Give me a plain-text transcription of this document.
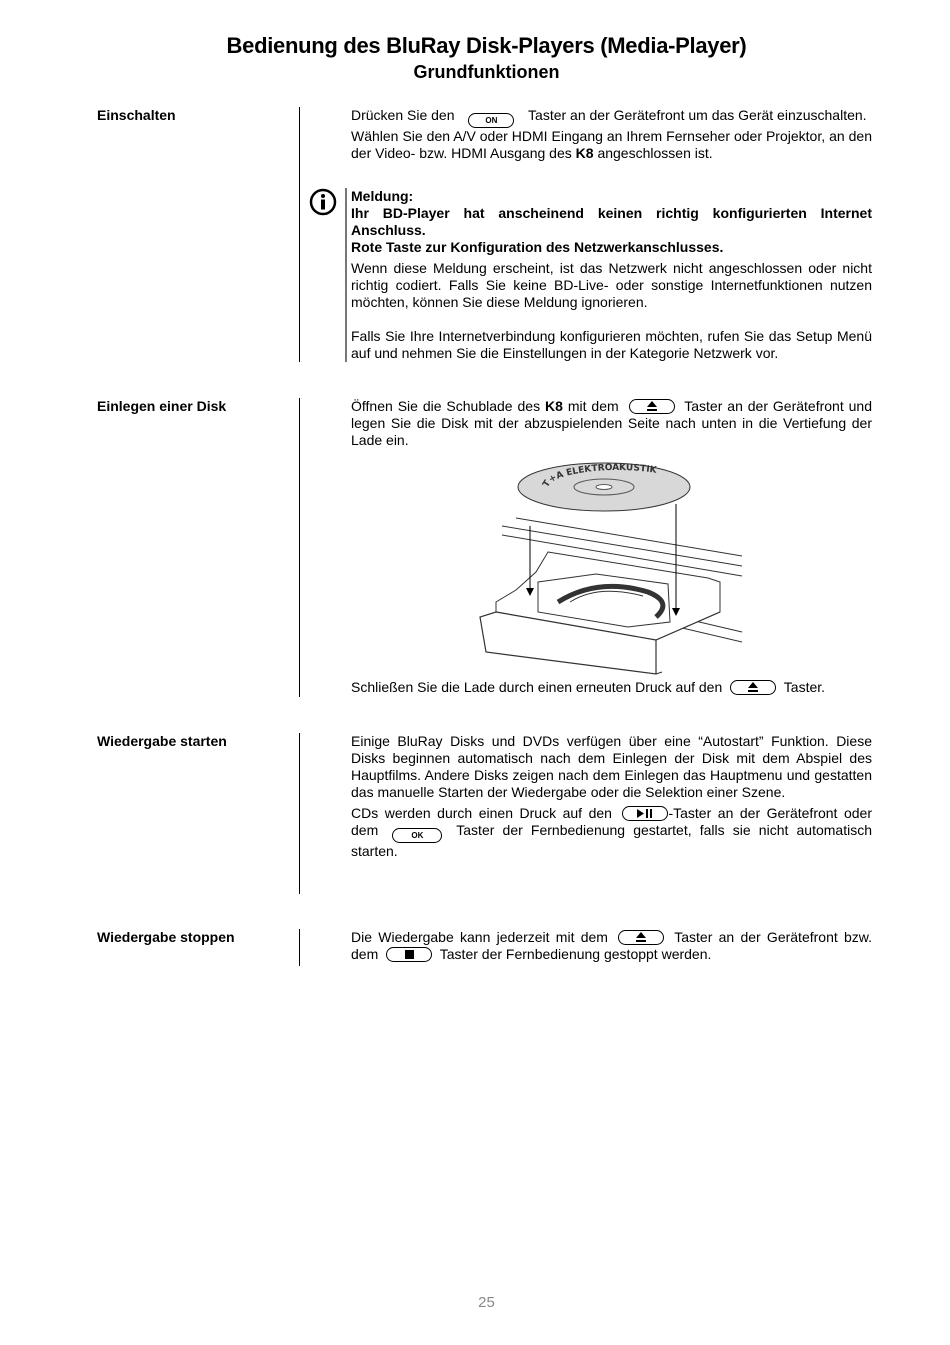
Bedienung des BluRay Disk-Players (Media-Player)
Grundfunktionen
Einschalten	Drücken Sie den	ON Taster an der Gerätefront um das Gerät einzuschalten.

Wählen Sie den A/V oder HDMI Eingang an Ihrem Fernseher oder Projektor, an den der Video- bzw. HDMI Ausgang des K8 angeschlossen ist.

Meldung:

Ihr BD-Player hat anscheinend keinen richtig konfigurierten Internet Anschluss.

Rote Taste zur Konfiguration des Netzwerkanschlusses.

Wenn diese Meldung erscheint, ist das Netzwerk nicht angeschlossen oder nicht richtig codiert. Falls Sie keine BD-Live- oder sonstige Internetfunktionen nutzen möchten, können Sie diese Meldung ignorieren.

Falls Sie Ihre Internetverbindung konfigurieren möchten, rufen Sie das Setup Menü auf und nehmen Sie die Einstellungen in der Kategorie Netzwerk vor.

Einlegen einer Disk	Öffnen Sie die Schublade des K8 mit dem	Taster an der Gerätefront und legen Sie die Disk mit der abzuspielenden Seite nach unten in die Vertiefung der Lade ein.

T+A ELEKTROAKUSTIK

Schließen Sie die Lade durch einen erneuten Druck auf den	Taster.

Wiedergabe starten	Einige BluRay Disks und DVDs verfügen über eine “Autostart” Funktion. Diese Disks beginnen automatisch nach dem Einlegen der Disk mit dem Abspiel des Hauptfilms. Andere Disks zeigen nach dem Einlegen das Hauptmenu und gestatten das manuelle Starten der Wiedergabe oder die Selektion einer Szene.

CDs werden durch einen Druck auf den	-Taster an der Gerätefront oder dem	OK Taster der Fernbedienung gestartet, falls sie nicht automatisch starten.

Wiedergabe stoppen	Die Wiedergabe kann jederzeit mit dem	Taster an der Gerätefront bzw. dem	Taster der Fernbedienung gestoppt werden.

25
